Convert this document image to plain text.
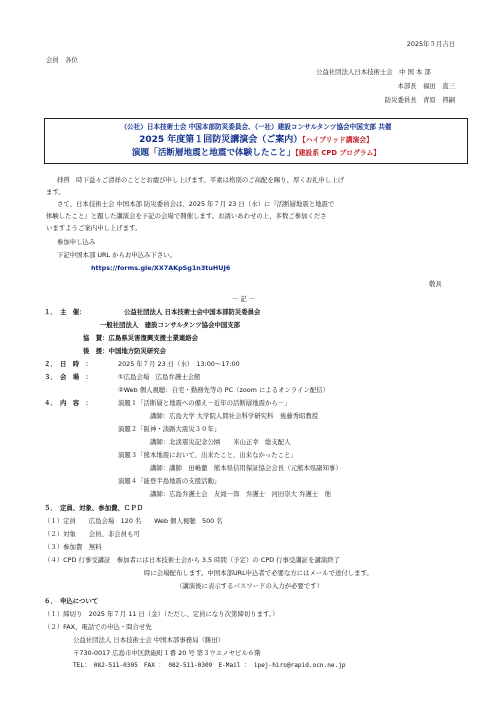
2025年５月吉日
会員　各位
公益社団法人日本技術士会　中 国 本 部
本部長　福田　直三
防災委員長　青原　啓嗣
（公社）日本技術士会 中国本部防災委員会、（一社）建設コンサルタンツ協会中国支部 共催
2025 年度第１回防災講演会（ご案内）【ハイブリッド講演会】
演題「活断層地震と地震で体験したこと」【建設系 CPD プログラム】
拝啓　時下益々ご清祥のこととお慶び申し上げます。平素は格別のご高配を賜り、厚くお礼申し上げ
ます。
さて、日本技術士会 中国本部 防災委員会は、2025 年７月 23 日（水）に『活断層地震と地震で
体験したこと』と題した講演会を下記の会場で開催します。お誘いあわせの上、多数ご参加くださ
いますようご案内申し上げます。
参加申し込み
下記中国本部 URL からお申込み下さい。
https://forms.gle/XX7AKpSg1n3tuHUJ6
敬具
－ 記 －
１．　主　催：	公益社団法人 日本技術士会中国本部防災委員会
一般社団法人　建設コンサルタンツ協会中国支部
協　賛：広島県災害復興支援士業連絡会
後　援：中国地方防災研究会
２．　日　時　：	2025 年７月 23 日（水）　13:00～17:00
３．　会　場　：	①広島会場　広島弁護士会館
②Web 個人視聴：自宅・勤務先等の PC（zoom によるオンライン配信）
４．　内　容　：	演題１「活断層と地震への備え－近年の活断層地震から－」
講師：広島大学 大学院人間社会科学研究科　後藤秀昭教授
演題２「阪神・淡路大震災３０年」
講師：北淡震災記念公園　　米山正幸　総支配人
演題３「熊本地震において、出来たこと、出来なかったこと」
講師：講師　田嶋徹　熊本県信用保証協会会長（元熊本県副知事）
演題４「能登半島地震の支援活動」
講師：広島弁護士会　友滝一郎　弁護士　河田崇大 弁護士　他
５．　定員、対象、参加費、ＣＰＤ
（１）定員　　広島会場　120 名　　Web 個人視聴　500 名
（２）対象　　会員、非会員も可
（３）参加費　無料
（４）CPD 行事受講証　参加者には日本技術士会から 3.5 時間（予定）の CPD 行事受講証を講演終了
時に会場配布します。中国本部URL申込者で必要な方にはメールで送付します。
（講演後に表示するパスワードの入力が必要です）
６．　申込について
（１）締切り　2025 年７月 11 日（金）（ただし、定員になり次第締切ります。）
（２）FAX、電話での申込・問合せ先
公益社団法人 日本技術士会 中国本部事務局（勝田）
〒730-0017 広島市中区鉄砲町１番 20 号 第３ウエノヤビル６階
TEL： 082-511-0305　FAX ： 082-511-0309　E-Mail ： ipej-hiro@rapid.ocn.ne.jp
